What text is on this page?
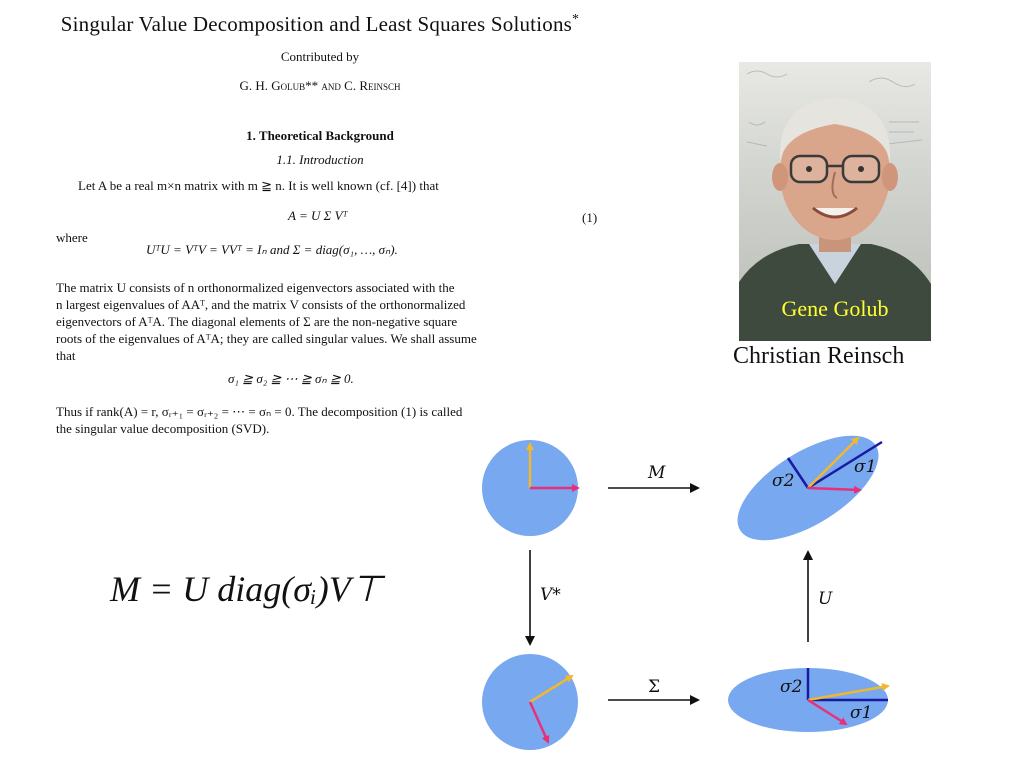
Singular Value Decomposition and Least Squares Solutions*
Contributed by
G. H. Golub** and C. Reinsch
1. Theoretical Background
1.1. Introduction
Let A be a real m×n matrix with m ≧ n. It is well known (cf. [4]) that
A = U Σ Vᵀ	(1)
where
UᵀU = VᵀV = VVᵀ = Iₙ and Σ = diag(σ₁, …, σₙ).
The matrix U consists of n orthonormalized eigenvectors associated with the
n largest eigenvalues of AAᵀ, and the matrix V consists of the orthonormalized
eigenvectors of AᵀA. The diagonal elements of Σ are the non-negative square
roots of the eigenvalues of AᵀA; they are called singular values. We shall assume
that
σ₁ ≧ σ₂ ≧ ⋯ ≧ σₙ ≧ 0.
Thus if rank(A) = r, σᵣ₊₁ = σᵣ₊₂ = ⋯ = σₙ = 0. The decomposition (1) is called
the singular value decomposition (SVD).
Gene Golub
Christian Reinsch
M = U diag(σᵢ)V⊤
σ2
σ1
σ2
σ1
M
V*	U
Σ
